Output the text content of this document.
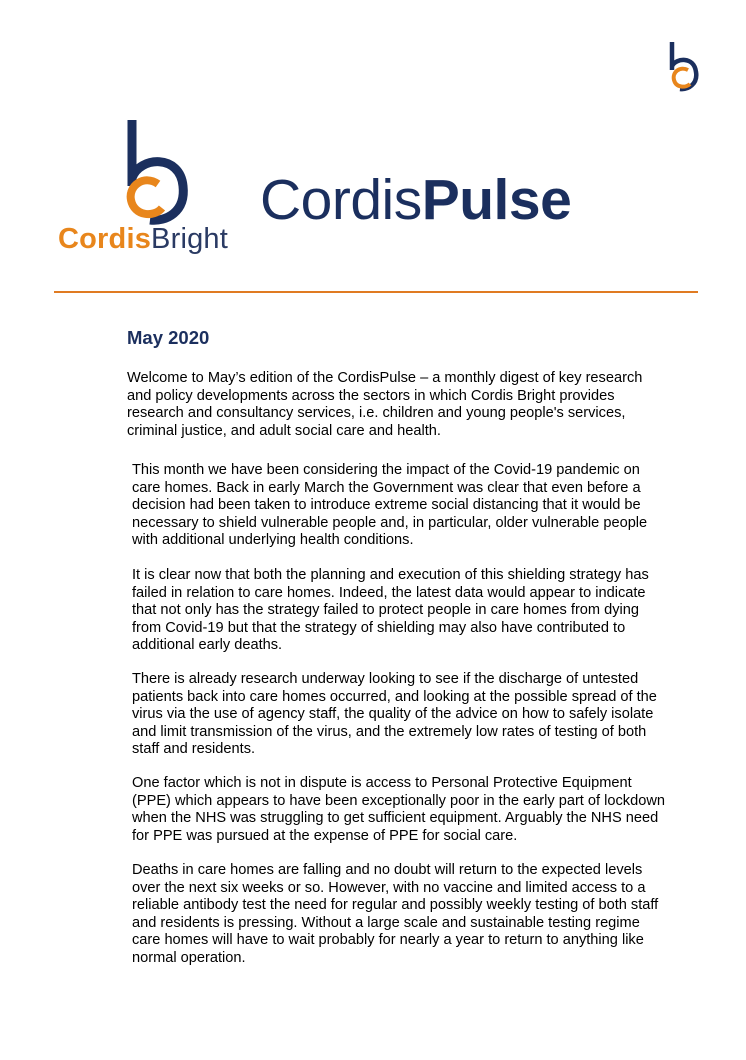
CordisBright
CordisPulse
May 2020
Welcome to May’s edition of the CordisPulse – a monthly digest of key research
and policy developments across the sectors in which Cordis Bright provides
research and consultancy services, i.e. children and young people's services,
criminal justice, and adult social care and health.
This month we have been considering the impact of the Covid-19 pandemic on
care homes. Back in early March the Government was clear that even before a
decision had been taken to introduce extreme social distancing that it would be
necessary to shield vulnerable people and, in particular, older vulnerable people
with additional underlying health conditions.
It is clear now that both the planning and execution of this shielding strategy has
failed in relation to care homes. Indeed, the latest data would appear to indicate
that not only has the strategy failed to protect people in care homes from dying
from Covid-19 but that the strategy of shielding may also have contributed to
additional early deaths.
There is already research underway looking to see if the discharge of untested
patients back into care homes occurred, and looking at the possible spread of the
virus via the use of agency staff, the quality of the advice on how to safely isolate
and limit transmission of the virus, and the extremely low rates of testing of both
staff and residents.
One factor which is not in dispute is access to Personal Protective Equipment
(PPE) which appears to have been exceptionally poor in the early part of lockdown
when the NHS was struggling to get sufficient equipment. Arguably the NHS need
for PPE was pursued at the expense of PPE for social care.
Deaths in care homes are falling and no doubt will return to the expected levels
over the next six weeks or so. However, with no vaccine and limited access to a
reliable antibody test the need for regular and possibly weekly testing of both staff
and residents is pressing. Without a large scale and sustainable testing regime
care homes will have to wait probably for nearly a year to return to anything like
normal operation.
